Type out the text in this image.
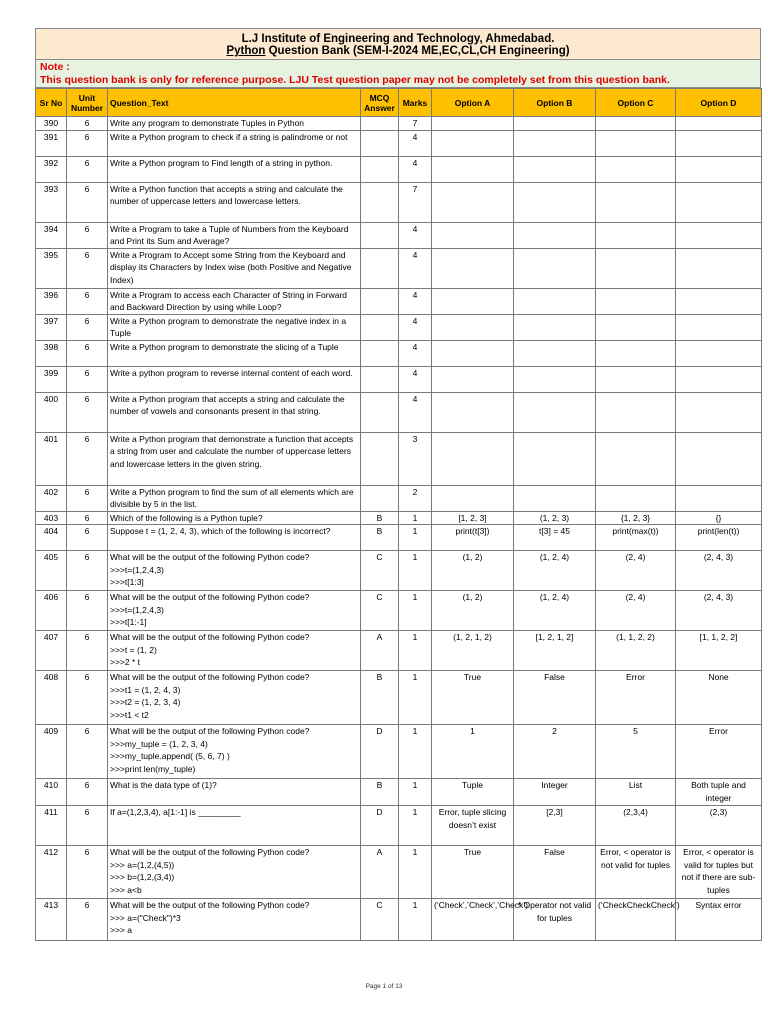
L.J Institute of Engineering and Technology, Ahmedabad.
Python Question Bank (SEM-I-2024 ME,EC,CL,CH Engineering)
Note :
This question bank is only for reference purpose. LJU Test question paper may not be completely set from this question bank.
Sr No	Unit Number	Question_Text	MCQ Answer	Marks	Option A	Option B	Option C	Option D
390	6	Write any program to demonstrate Tuples in Python		7				
391	6	Write a Python program to check if a string is palindrome or not		4				
392	6	Write a Python program to Find length of a string in python.		4				
393	6	Write a Python function that accepts a string and calculate the number of uppercase letters and lowercase letters.		7				
394	6	Write a Program to take a Tuple of Numbers from the Keyboard and Print its Sum and Average?		4				
395	6	Write a Program to Accept some String from the Keyboard and display its Characters by Index wise (both Positive and Negative Index)		4				
396	6	Write a Program to access each Character of String in Forward and Backward Direction by using while Loop?		4				
397	6	Write a Python program to demonstrate the negative index in a Tuple		4				
398	6	Write a Python program to demonstrate the slicing of a Tuple		4				
399	6	Write a python program to reverse internal content of each word.		4				
400	6	Write a Python program that accepts a string and calculate the number of vowels and consonants present in that string.		4				
401	6	Write a Python program that demonstrate a function that accepts a string from user and calculate the number of uppercase letters and lowercase letters in the given string.		3				
402	6	Write a Python program to find the sum of all elements which are divisible by 5 in the list.		2				
403	6	Which of the following is a Python tuple?	B	1	[1, 2, 3]	(1, 2, 3)	{1, 2, 3}	{}
404	6	Suppose t = (1, 2, 4, 3), which of the following is incorrect?	B	1	print(t[3])	t[3] = 45	print(max(t))	print(len(t))
405	6	What will be the output of the following Python code?
>>>t=(1,2,4,3)
>>>t[1:3]	C	1	(1, 2)	(1, 2, 4)	(2, 4)	(2, 4, 3)
406	6	What will be the output of the following Python code?
>>>t=(1,2,4,3)
>>>t[1:-1]	C	1	(1, 2)	(1, 2, 4)	(2, 4)	(2, 4, 3)
407	6	What will be the output of the following Python code?
>>>t = (1, 2)
>>>2 * t	A	1	(1, 2, 1, 2)	[1, 2, 1, 2]	(1, 1, 2, 2)	[1, 1, 2, 2]
408	6	What will be the output of the following Python code?
>>>t1 = (1, 2, 4, 3)
>>>t2 = (1, 2, 3, 4)
>>>t1 < t2	B	1	True	False	Error	None
409	6	What will be the output of the following Python code?
>>>my_tuple = (1, 2, 3, 4)
>>>my_tuple.append( (5, 6, 7) )
>>>print len(my_tuple)	D	1	1	2	5	Error
410	6	What is the data type of (1)?	B	1	Tuple	Integer	List	Both tuple and integer
411	6	If a=(1,2,3,4), a[1:-1] is _________	D	1	Error, tuple slicing doesn’t exist	[2,3]	(2,3,4)	(2,3)
412	6	What will be the output of the following Python code?
>>> a=(1,2,(4,5))
>>> b=(1,2,(3,4))
>>> a<b	A	1	True	False	Error, < operator is not valid for tuples	Error, < operator is valid for tuples but not if there are sub-tuples
413	6	What will be the output of the following Python code?
>>> a=("Check")*3
>>> a	C	1	(‘Check’,’Check’,’Check’)	* Operator not valid for tuples	(‘CheckCheckCheck’)	Syntax error
Page 1 of 13
